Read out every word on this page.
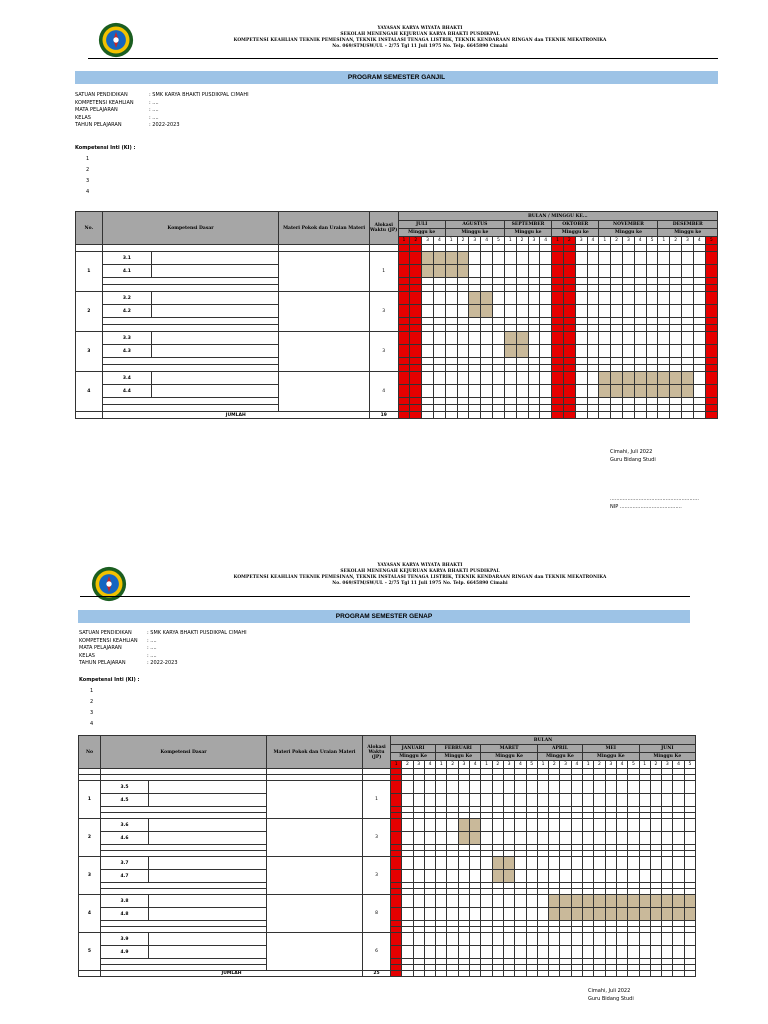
YAYASAN KARYA WIYATA BHAKTI
SEKOLAH MENENGAH KEJURUAN KARYA BHAKTI PUSDIKPAL
KOMPETENSI KEAHLIAN TEKNIK PEMESINAN, TEKNIK INSTALASI TENAGA LISTRIK, TEKNIK KENDARAAN RINGAN dan TEKNIK MEKATRONIKA
No. 069/STM/SW/UL – 2/75 Tgl 11 Juli 1975 No. Telp. 6645890 Cimahi
PROGRAM SEMESTER GANJIL
SATUAN PENDIDIKAN	: SMK KARYA BHAKTI PUSDIKPAL CIMAHI
KOMPETENSI KEAHLIAN	: ....
MATA PELAJARAN	: ....
KELAS	: ....
TAHUN PELAJARAN	: 2022-2023
Kompetensi Inti (KI) :
1
2
3
4
No.	Kompetensi Dasar		Materi Pokok dan Uraian Materi	Alokasi Waktu (JP)	BULAN / MINGGU KE...																										
					JULI				AGUSTUS					SEPTEMBER				OKTOBER				NOVEMBER					DESEMBER				
					Minggu ke				Minggu ke					Minggu ke				Minggu ke				Minggu ke					Minggu ke				
					1	2	3	4	1	2	3	4	5	1	2	3	4	1	2	3	4	1	2	3	4	5	1	2	3	4	5

1	3.1			1																											
	4.1																														

2	3.2			3																											
	4.2																														

3	3.3			3																											
	4.3																														

4	3.4			4																											
	4.4																														

	JUMLAH			19																											
Cimahi, Juli 2022
Guru Bidang Studi
........................................................
NIP .......................................
YAYASAN KARYA WIYATA BHAKTI
SEKOLAH MENENGAH KEJURUAN KARYA BHAKTI PUSDIKPAL
KOMPETENSI KEAHLIAN TEKNIK PEMESINAN, TEKNIK INSTALASI TENAGA LISTRIK, TEKNIK KENDARAAN RINGAN dan TEKNIK MEKATRONIKA
No. 069/STM/SW/UL – 2/75 Tgl 11 Juli 1975 No. Telp. 6645890 Cimahi
PROGRAM SEMESTER GENAP
SATUAN PENDIDIKAN	: SMK KARYA BHAKTI PUSDIKPAL CIMAHI
KOMPETENSI KEAHLIAN : ....
MATA PELAJARAN	: ....
KELAS	: ....
TAHUN PELAJARAN	: 2022-2023
Kompetensi Inti (KI) :
1
2
3
4
No	Kompetensi Dasar		Materi Pokok dan Uraian Materi	Alokasi Waktu (JP)	BULAN																										
					JANUARI				FEBRUARI				MARET					APRIL				MEI					JUNI				
					Minggu Ke				Minggu Ke				Minggu Ke					Minggu Ke				Minggu Ke					Minggu Ke				
					1	2	3	4	1	2	3	4	1	2	3	4	5	1	2	3	4	1	2	3	4	5	1	2	3	4	5

1	3.5			1																											
	4.5																														

2	3.6			3																											
	4.6																														

3	3.7			3																											
	4.7																														

4	3.8			8																											
	4.8																														

5	3.9			6																											
	4.9																														

	JUMLAH			25																											
Cimahi, Juli 2022
Guru Bidang Studi
